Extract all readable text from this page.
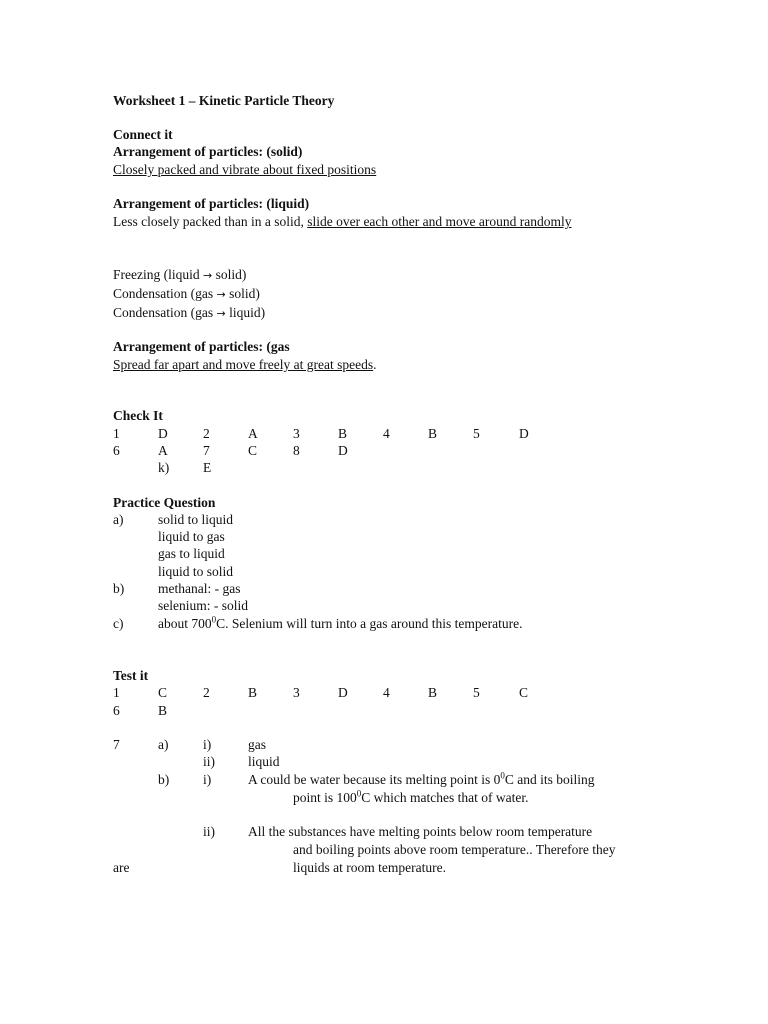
Worksheet 1 – Kinetic Particle Theory
Connect it
Arrangement of particles: (solid)
Closely packed and vibrate about fixed positions
Arrangement of particles: (liquid)
Less closely packed than in a solid, slide over each other and move around randomly
Freezing (liquid → solid)
Condensation (gas → solid)
Condensation (gas → liquid)
Arrangement of particles: (gas
Spread far apart and move freely at great speeds.
Check It
1	D	2	A	3	B	4	B	5	D
6	A	7	C	8	D
k)	E
Practice Question
a)	solid to liquid
liquid to gas
gas to liquid
liquid to solid
b)	methanal: - gas
selenium: - solid
c)	about $700^0C$. Selenium will turn into a gas around this temperature.
Test it
1	C	2	B	3	D	4	B	5	C
6	B
7	a)	i)	gas
ii) liquid
b)	i)	A could be water because its melting point is $0^0C$ and its boiling
point is $100^0C$ which matches that of water.
ii) All the substances have melting points below room temperature
and boiling points above room temperature.. Therefore they
are	liquids at room temperature.
